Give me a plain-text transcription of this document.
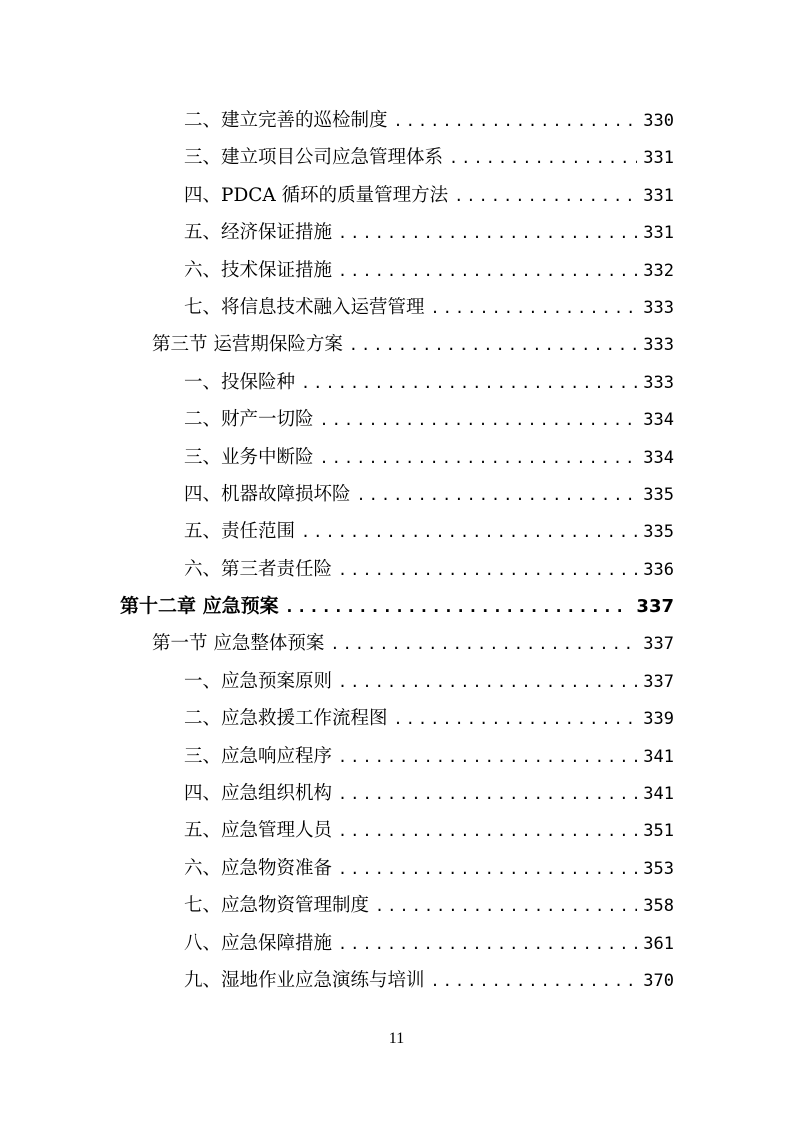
二、建立完善的巡检制度 .....	330
三、建立项目公司应急管理体系 .....	331
四、PDCA 循环的质量管理方法 .....	331
五、经济保证措施 .....	331
六、技术保证措施 .....	332
七、将信息技术融入运营管理 .....	333
第三节 运营期保险方案 .....	333
一、投保险种 .....	333
二、财产一切险 .....	334
三、业务中断险 .....	334
四、机器故障损坏险 .....	335
五、责任范围 .....	335
六、第三者责任险 .....	336
第十二章 应急预案 .....	337
第一节 应急整体预案 .....	337
一、应急预案原则 .....	337
二、应急救援工作流程图 .....	339
三、应急响应程序 .....	341
四、应急组织机构 .....	341
五、应急管理人员 .....	351
六、应急物资准备 .....	353
七、应急物资管理制度 .....	358
八、应急保障措施 .....	361
九、湿地作业应急演练与培训 .....	370
11
